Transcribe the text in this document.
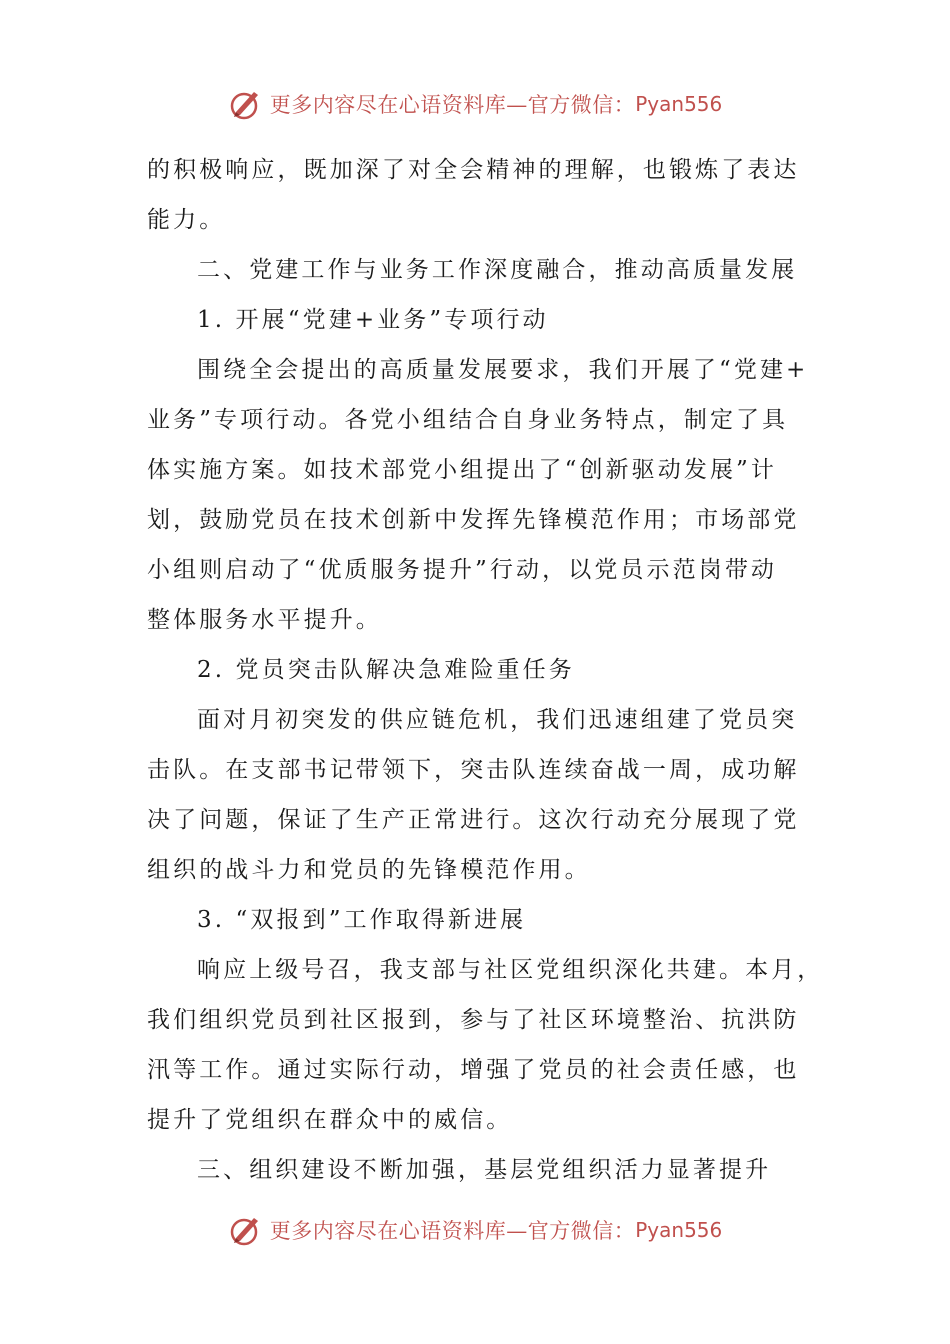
更多内容尽在心语资料库—官方微信： Pyan556
的积极响应，既加深了对全会精神的理解，也锻炼了表达
能力。
二、党建工作与业务工作深度融合，推动高质量发展
1. 开展“党建+业务”专项行动
围绕全会提出的高质量发展要求，我们开展了“党建+
业务”专项行动。各党小组结合自身业务特点，制定了具
体实施方案。如技术部党小组提出了“创新驱动发展”计
划，鼓励党员在技术创新中发挥先锋模范作用；市场部党
小组则启动了“优质服务提升”行动，以党员示范岗带动
整体服务水平提升。
2. 党员突击队解决急难险重任务
面对月初突发的供应链危机，我们迅速组建了党员突
击队。在支部书记带领下，突击队连续奋战一周，成功解
决了问题，保证了生产正常进行。这次行动充分展现了党
组织的战斗力和党员的先锋模范作用。
3. “双报到”工作取得新进展
响应上级号召，我支部与社区党组织深化共建。本月，
我们组织党员到社区报到，参与了社区环境整治、抗洪防
汛等工作。通过实际行动，增强了党员的社会责任感，也
提升了党组织在群众中的威信。
三、组织建设不断加强，基层党组织活力显著提升
更多内容尽在心语资料库—官方微信： Pyan556
